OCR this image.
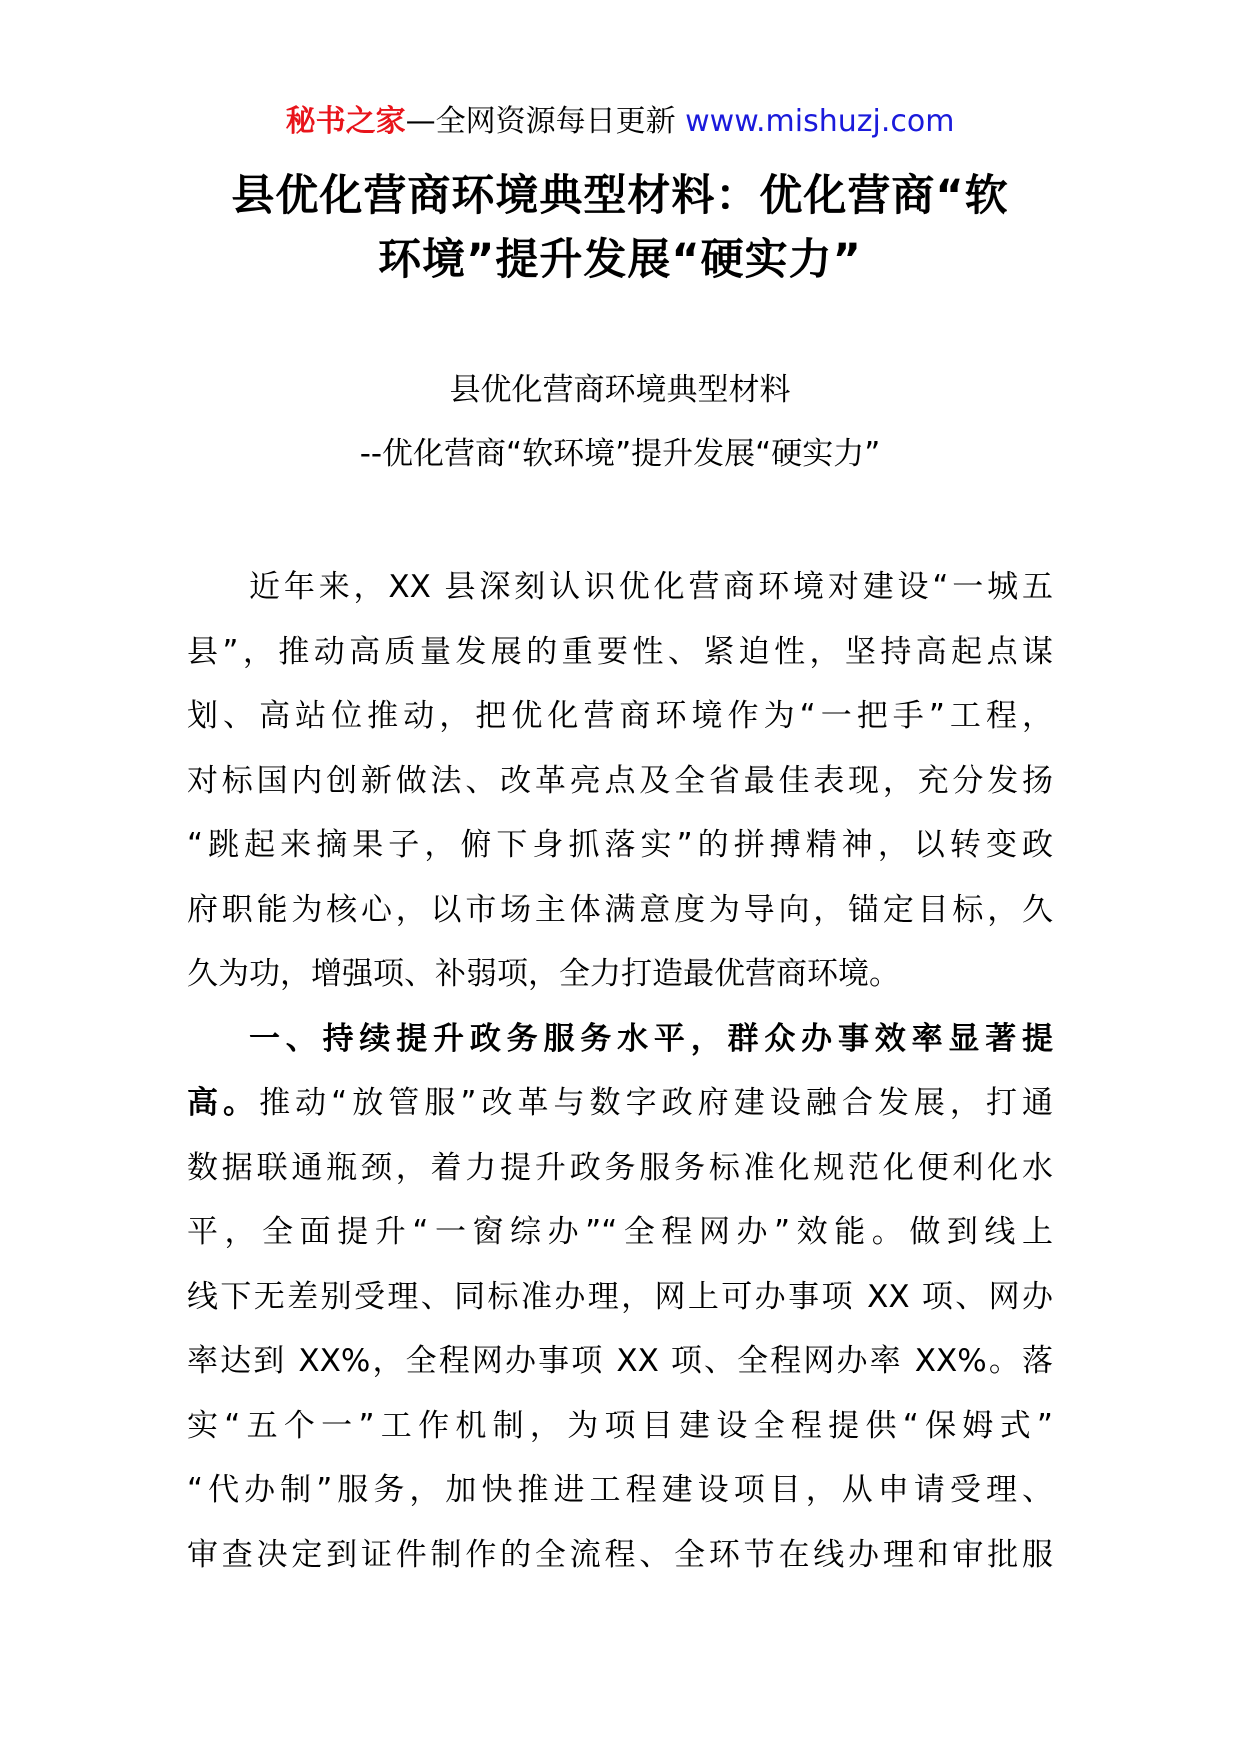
秘书之家—全网资源每日更新 www.mishuzj.com
县优化营商环境典型材料：优化营商“软
环境”提升发展“硬实力”
县优化营商环境典型材料
--优化营商“软环境”提升发展“硬实力”
近年来，XX 县深刻认识优化营商环境对建设“一城五
县”，推动高质量发展的重要性、紧迫性，坚持高起点谋
划、高站位推动，把优化营商环境作为“一把手”工程，
对标国内创新做法、改革亮点及全省最佳表现，充分发扬
“跳起来摘果子，俯下身抓落实”的拼搏精神，以转变政
府职能为核心，以市场主体满意度为导向，锚定目标，久
久为功，增强项、补弱项，全力打造最优营商环境。
一、持续提升政务服务水平，群众办事效率显著提
高。推动“放管服”改革与数字政府建设融合发展，打通
数据联通瓶颈，着力提升政务服务标准化规范化便利化水
平，全面提升“一窗综办”“全程网办”效能。做到线上
线下无差别受理、同标准办理，网上可办事项 XX 项、网办
率达到 XX%，全程网办事项 XX 项、全程网办率 XX%。落
实“五个一”工作机制，为项目建设全程提供“保姆式”
“代办制”服务，加快推进工程建设项目，从申请受理、
审查决定到证件制作的全流程、全环节在线办理和审批服
